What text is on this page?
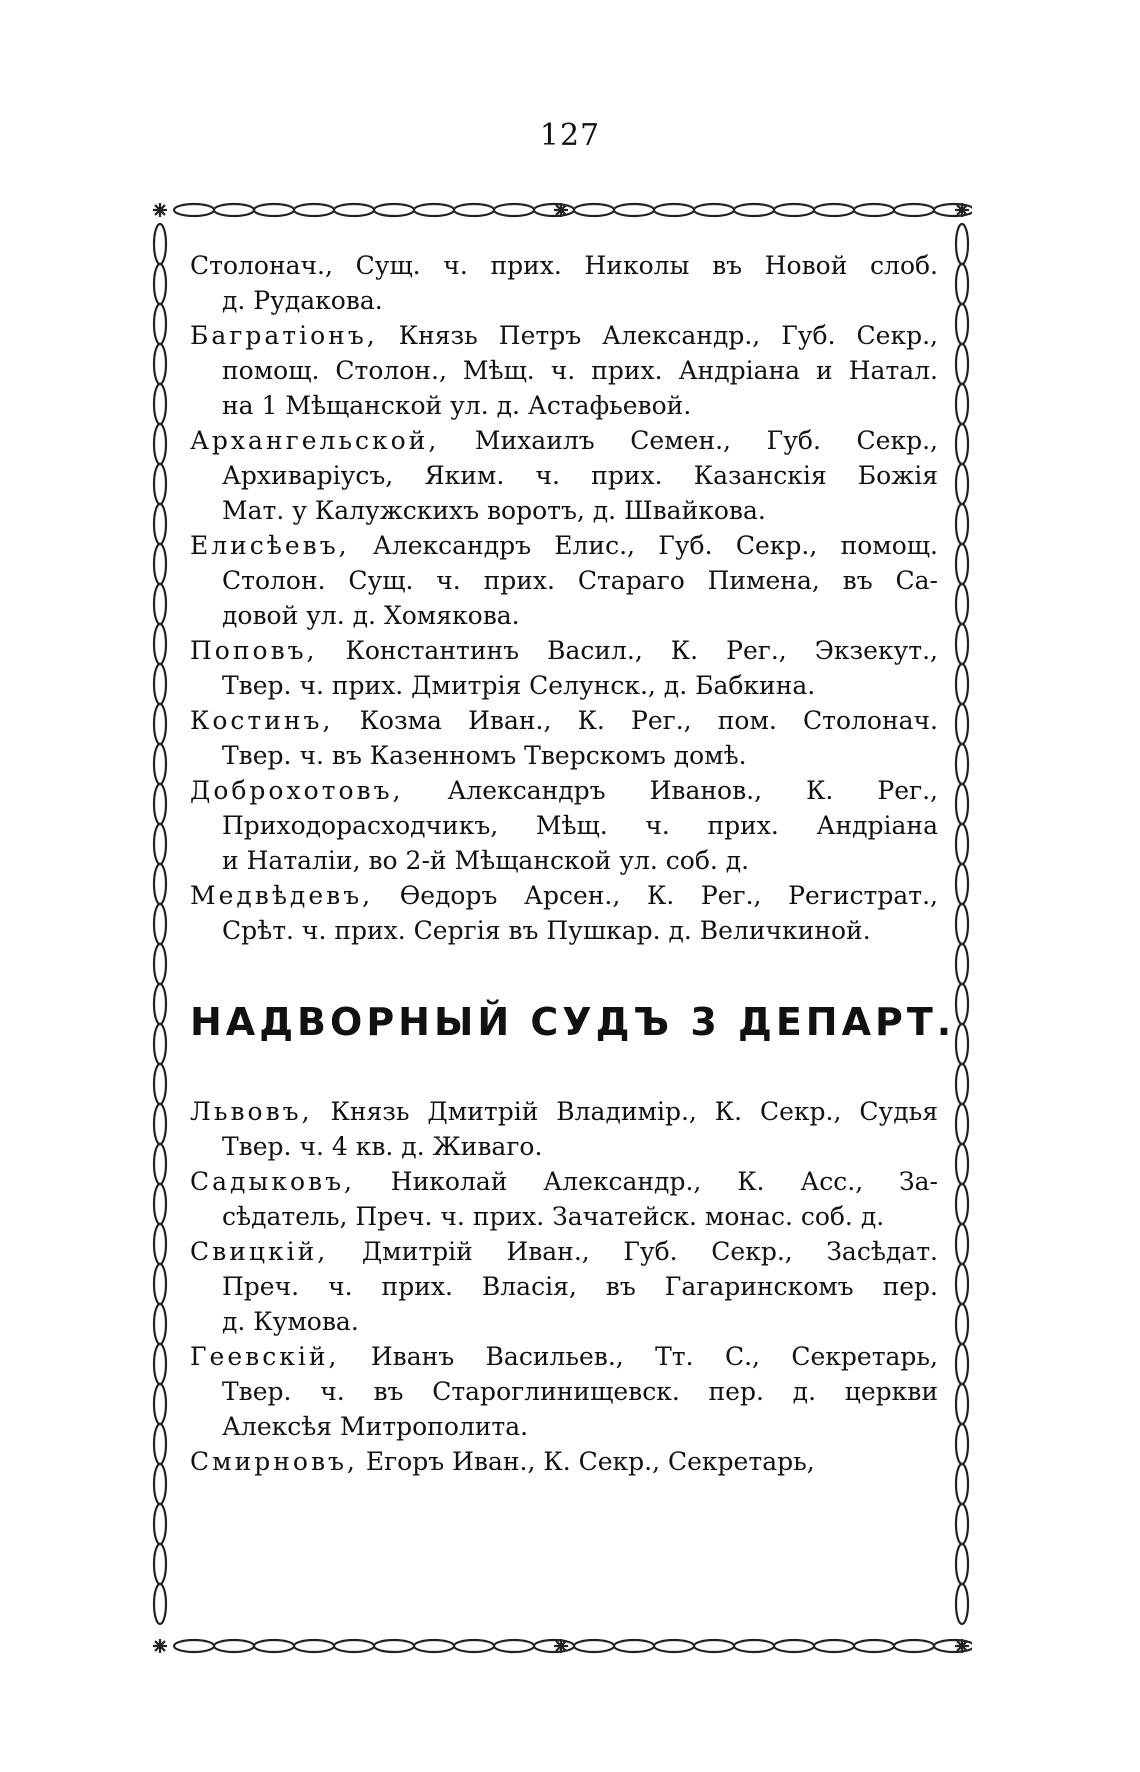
127
Столонач., Сущ. ч. прих. Николы въ Новой слоб.
д. Рудакова.
Багратіонъ, Князь Петръ Александр., Губ. Секр.,
помощ. Столон., Мѣщ. ч. прих. Андріана и Натал.
на 1 Мѣщанской ул. д. Астафьевой.
Архангельской, Михаилъ Семен., Губ. Секр.,
Архиваріусъ, Яким. ч. прих. Казанскія Божія
Мат. у Калужскихъ воротъ, д. Швайкова.
Елисѣевъ, Александръ Елис., Губ. Секр., помощ.
Столон. Сущ. ч. прих. Стараго Пимена, въ Са-
довой ул. д. Хомякова.
Поповъ, Константинъ Васил., К. Рег., Экзекут.,
Твер. ч. прих. Дмитрія Селунск., д. Бабкина.
Костинъ, Козма Иван., К. Рег., пом. Столонач.
Твер. ч. въ Казенномъ Тверскомъ домѣ.
Доброхотовъ, Александръ Иванов., К. Рег.,
Приходорасходчикъ, Мѣщ. ч. прих. Андріана
и Наталіи, во 2-й Мѣщанской ул. соб. д.
Медвѣдевъ, Ѳедоръ Арсен., К. Рег., Регистрат.,
Срѣт. ч. прих. Сергія въ Пушкар. д. Величкиной.
НАДВОРНЫЙ СУДЪ 3 ДЕПАРТ.
Львовъ, Князь Дмитрій Владимір., К. Секр., Судья
Твер. ч. 4 кв. д. Живаго.
Садыковъ, Николай Александр., К. Асс., За-
сѣдатель, Преч. ч. прих. Зачатейск. монас. соб. д.
Свицкій, Дмитрій Иван., Губ. Секр., Засѣдат.
Преч. ч. прих. Власія, въ Гагаринскомъ пер.
д. Кумова.
Геевскій, Иванъ Васильев., Тт. С., Секретарь,
Твер. ч. въ Староглинищевск. пер. д. церкви
Алексѣя Митрополита.
Смирновъ, Егоръ Иван., К. Секр., Секретарь,
